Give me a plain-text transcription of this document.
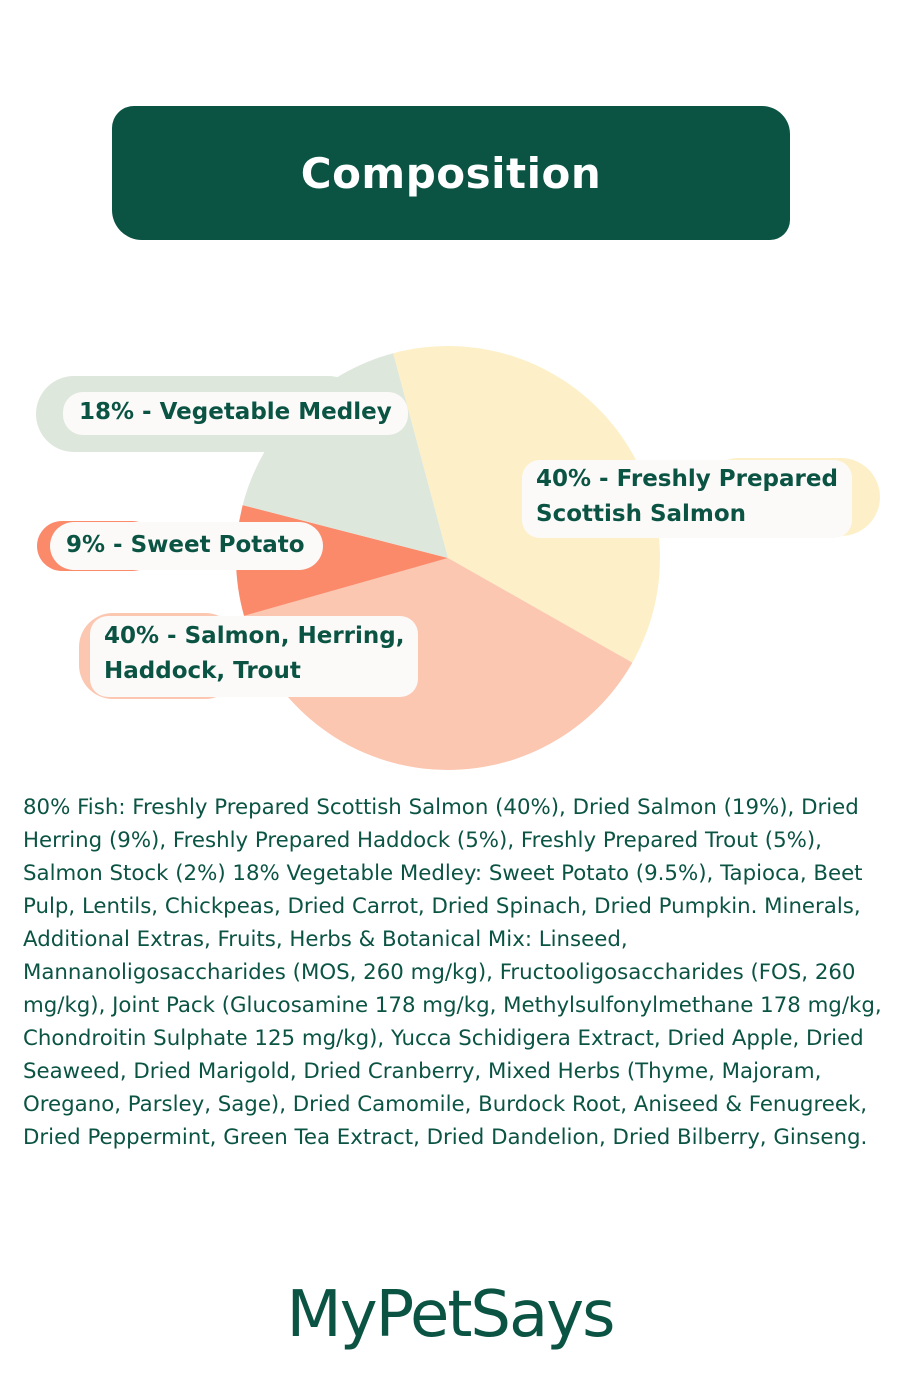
Composition
40% - Freshly Prepared
Scottish Salmon
18% - Vegetable Medley
9% - Sweet Potato
40% - Salmon, Herring,
Haddock, Trout

80% Fish: Freshly Prepared Scottish Salmon (40%), Dried Salmon (19%), Dried Herring (9%), Freshly Prepared Haddock (5%), Freshly Prepared Trout (5%), Salmon Stock (2%) 18% Vegetable Medley: Sweet Potato (9.5%), Tapioca, Beet Pulp, Lentils, Chickpeas, Dried Carrot, Dried Spinach, Dried Pumpkin. Minerals, Additional Extras, Fruits, Herbs & Botanical Mix: Linseed, Mannanoligosaccharides (MOS, 260 mg/kg), Fructooligosaccharides (FOS, 260 mg/kg), Joint Pack (Glucosamine 178 mg/kg, Methylsulfonylmethane 178 mg/kg, Chondroitin Sulphate 125 mg/kg), Yucca Schidigera Extract, Dried Apple, Dried Seaweed, Dried Marigold, Dried Cranberry, Mixed Herbs (Thyme, Majoram, Oregano, Parsley, Sage), Dried Camomile, Burdock Root, Aniseed & Fenugreek, Dried Peppermint, Green Tea Extract, Dried Dandelion, Dried Bilberry, Ginseng.

MyPetSays
